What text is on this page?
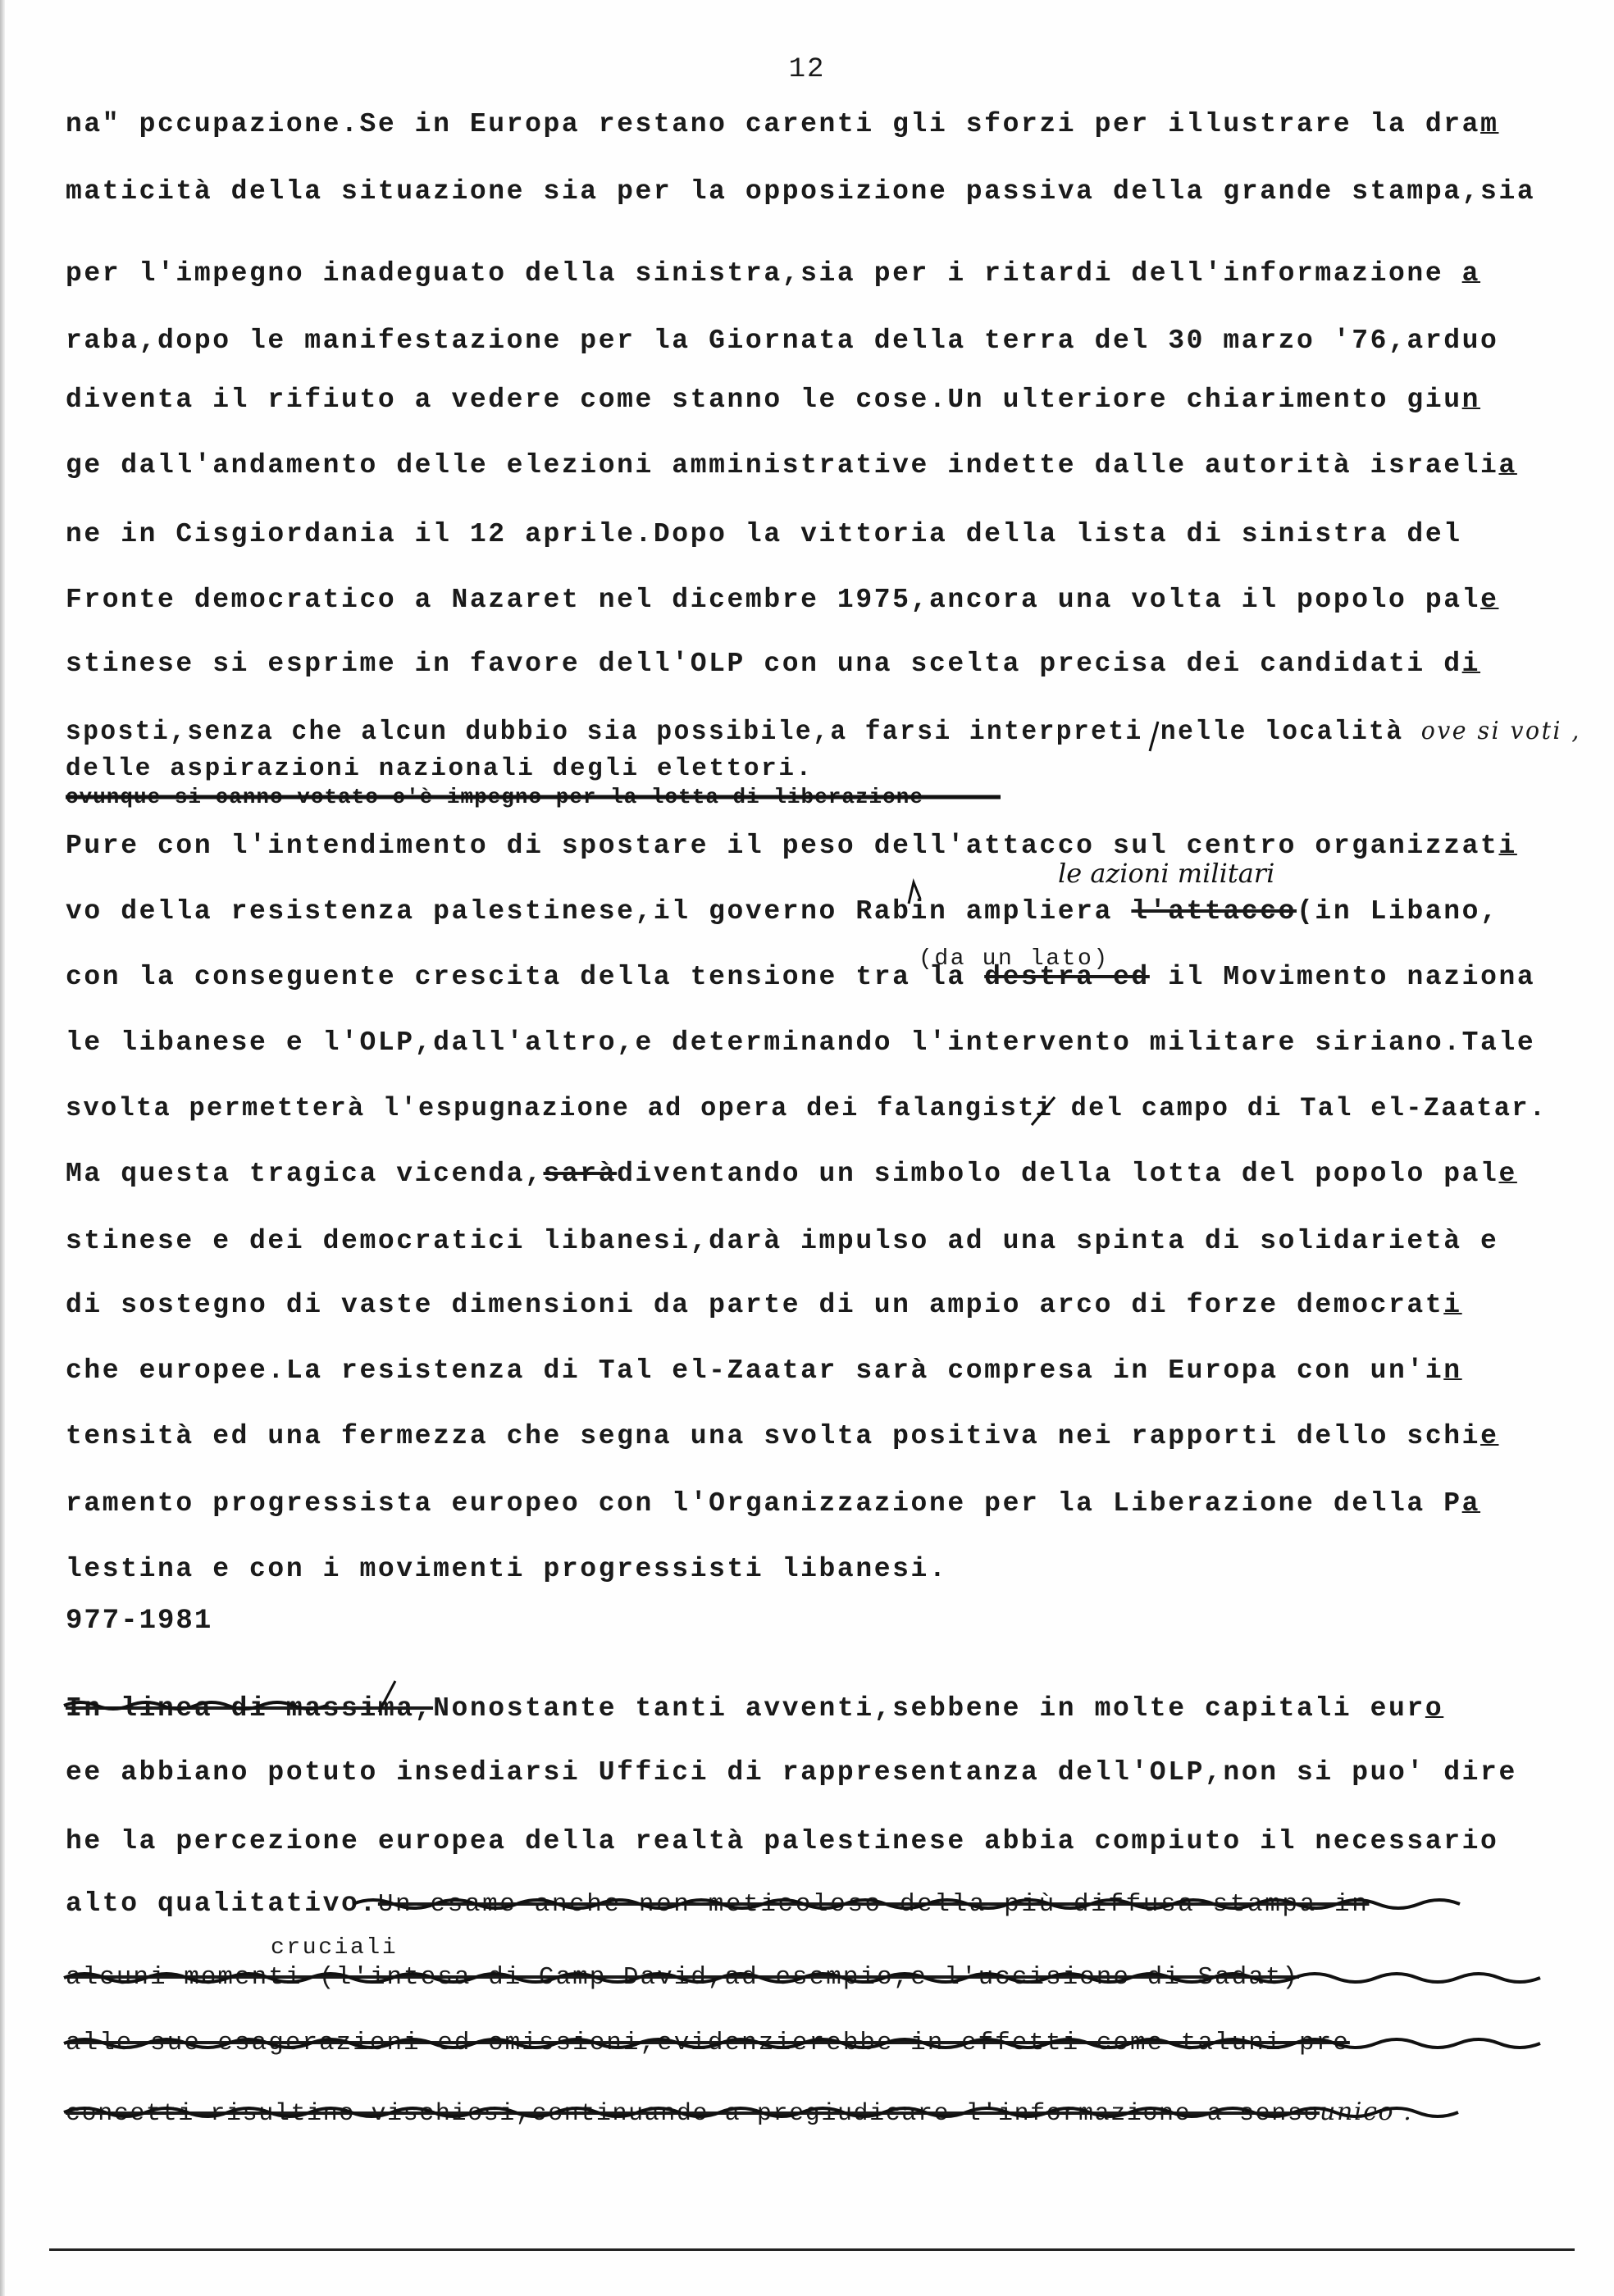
12
na" pccupazione.Se in Europa restano carenti gli sforzi per illustrare la dram
maticità della situazione sia per la opposizione passiva della grande stampa,sia
per l'impegno inadeguato della sinistra,sia per i ritardi dell'informazione a
raba,dopo le manifestazione per la Giornata della terra del 30 marzo '76,arduo
diventa il rifiuto a vedere come stanno le cose.Un ulteriore chiarimento giun
ge dall'andamento delle elezioni amministrative indette dalle autorità israelia
ne in Cisgiordania il 12 aprile.Dopo la vittoria della lista di sinistra del
Fronte democratico a Nazaret nel dicembre 1975,ancora una volta il popolo pale
stinese si esprime in favore dell'OLP con una scelta precisa dei candidati di
sposti,senza che alcun dubbio sia possibile,a farsi interpreti nelle località ove si voti ,
delle aspirazioni nazionali degli elettori.
ovunque si canno votato c'è impegno per la lotta di liberazione
Pure con l'intendimento di spostare il peso dell'attacco sul centro organizzati
vo della resistenza palestinese,il governo Rabin ampliera l'attacco(in Libano,
le azioni militari
con la conseguente crescita della tensione tra la destra ed il Movimento naziona
(da un lato)
le libanese e l'OLP,dall'altro,e determinando l'intervento militare siriano.Tale
svolta permetterà l'espugnazione ad opera dei falangisti del campo di Tal el-Zaatar.
Ma questa tragica vicenda,saràdiventando un simbolo della lotta del popolo pale
stinese e dei democratici libanesi,darà impulso ad una spinta di solidarietà e
di sostegno di vaste dimensioni da parte di un ampio arco di forze democrati
che europee.La resistenza di Tal el-Zaatar sarà compresa in Europa con un'in
tensità ed una fermezza che segna una svolta positiva nei rapporti dello schie
ramento progressista europeo con l'Organizzazione per la Liberazione della Pa
lestina e con i movimenti progressisti libanesi.
977-1981
In linea di massima,Nonostante tanti avventi,sebbene in molte capitali euro
ee abbiano potuto insediarsi Uffici di rappresentanza dell'OLP,non si puo' dire
he la percezione europea della realtà palestinese abbia compiuto il necessario
alto qualitativo.Un esame anche non meticoloso della più diffusa stampa in
cruciali
alcuni momenti (l'intesa di Camp David,ad esempio,e l'uccisione di Sadat)
alle sue esagerazioni ed omissioni,evidenzierebbe in effetti come taluni pre
concetti risultino vischiosi,continuando a pregiudicare l'informazione a sensounico .
